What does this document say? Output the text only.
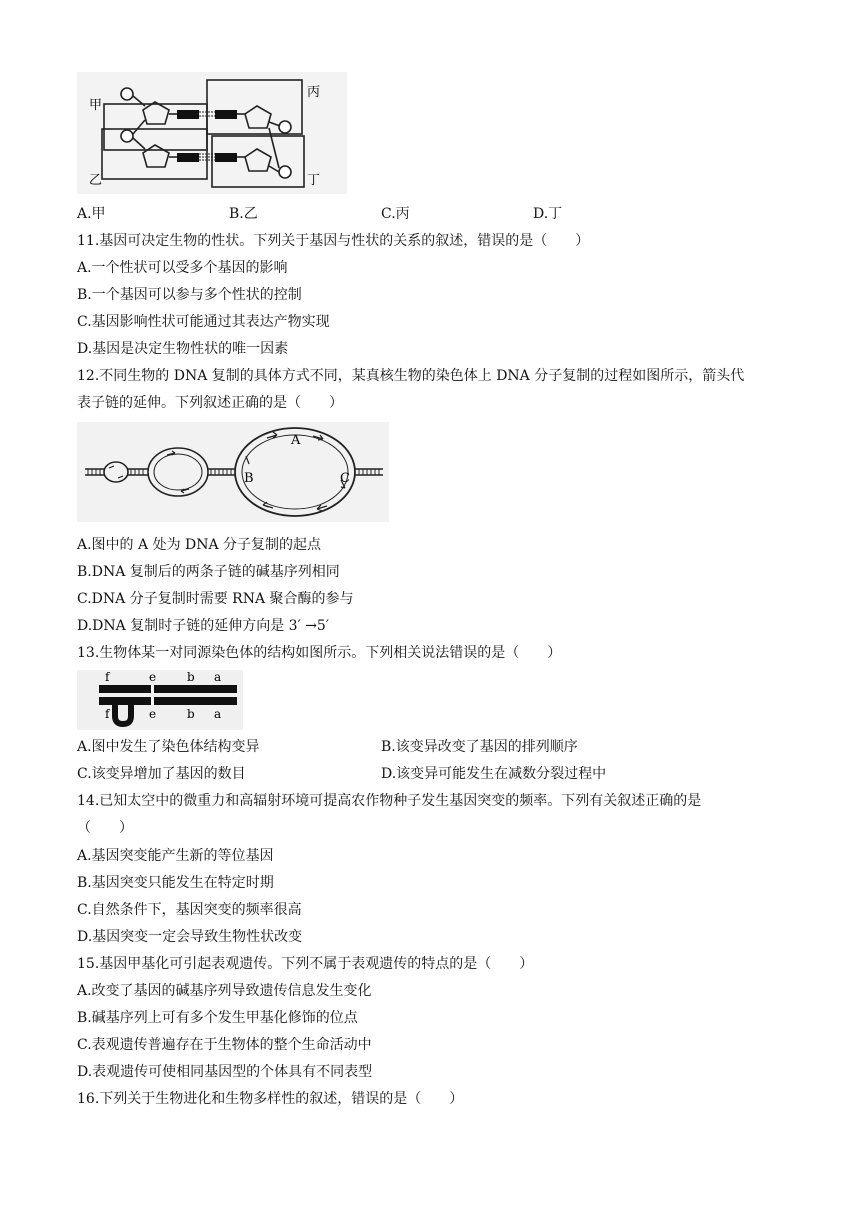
甲
乙
丙
丁
A.甲	B.乙	C.丙	D.丁
11.基因可决定生物的性状。下列关于基因与性状的关系的叙述，错误的是（　　）
A.一个性状可以受多个基因的影响
B.一个基因可以参与多个性状的控制
C.基因影响性状可能通过其表达产物实现
D.基因是决定生物性状的唯一因素
12.不同生物的 DNA 复制的具体方式不同，某真核生物的染色体上 DNA 分子复制的过程如图所示，箭头代
表子链的延伸。下列叙述正确的是（　　）
A
B	C
A.图中的 A 处为 DNA 分子复制的起点
B.DNA 复制后的两条子链的碱基序列相同
C.DNA 分子复制时需要 RNA 聚合酶的参与
D.DNA 复制时子链的延伸方向是 3′ →5′
13.生物体某一对同源染色体的结构如图所示。下列相关说法错误的是（　　）
f	e	b a
f	e	b a
A.图中发生了染色体结构变异	B.该变异改变了基因的排列顺序
C.该变异增加了基因的数目	D.该变异可能发生在减数分裂过程中
14.已知太空中的微重力和高辐射环境可提高农作物种子发生基因突变的频率。下列有关叙述正确的是
（　　）
A.基因突变能产生新的等位基因
B.基因突变只能发生在特定时期
C.自然条件下，基因突变的频率很高
D.基因突变一定会导致生物性状改变
15.基因甲基化可引起表观遗传。下列不属于表观遗传的特点的是（　　）
A.改变了基因的碱基序列导致遗传信息发生变化
B.碱基序列上可有多个发生甲基化修饰的位点
C.表观遗传普遍存在于生物体的整个生命活动中
D.表观遗传可使相同基因型的个体具有不同表型
16.下列关于生物进化和生物多样性的叙述，错误的是（　　）
